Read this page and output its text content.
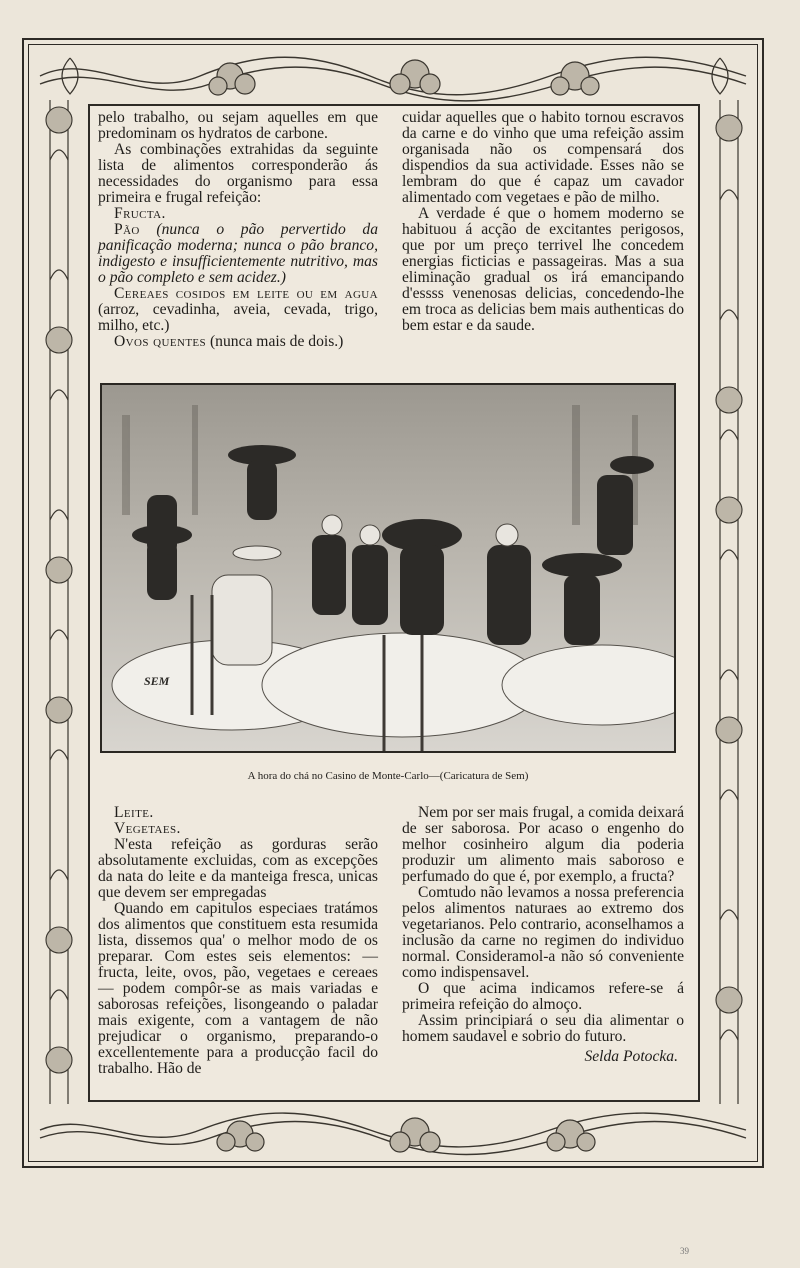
pelo trabalho, ou sejam aquelles em que predominam os hydratos de carbone.

As combinações extrahidas da seguinte lista de alimentos corresponderão ás necessidades do organismo para essa primeira e frugal refeição:

Fructa.

Pão (nunca o pão pervertido da panificação moderna; nunca o pão branco, indigesto e insufficientemente nutritivo, mas o pão completo e sem acidez.)

Cereaes cosidos em leite ou em agua (arroz, cevadinha, aveia, cevada, trigo, milho, etc.)

Ovos quentes (nunca mais de dois.)

cuidar aquelles que o habito tornou escravos da carne e do vinho que uma refeição assim organisada não os compensará dos dispendios da sua actividade. Esses não se lembram do que é capaz um cavador alimentado com vegetaes e pão de milho.

A verdade é que o homem moderno se habituou á acção de excitantes perigosos, que por um preço terrivel lhe concedem energias ficticias e passageiras. Mas a sua eliminação gradual os irá emancipando d'essss venenosas delicias, concedendo-lhe em troca as delicias bem mais authenticas do bem estar e da saude.

SEM
A hora do chá no Casino de Monte-Carlo—(Caricatura de Sem)

Leite.

Vegetaes.

N'esta refeição as gorduras serão absolutamente excluidas, com as excepções da nata do leite e da manteiga fresca, unicas que devem ser empregadas

Quando em capitulos especiaes tratámos dos alimentos que constituem esta resumida lista, dissemos qua' o melhor modo de os preparar. Com estes seis elementos: — fructa, leite, ovos, pão, vegetaes e cereaes — podem compôr-se as mais variadas e saborosas refeições, lisongeando o paladar mais exigente, com a vantagem de não prejudicar o organismo, preparando-o excellentemente para a producção facil do trabalho. Hão de

Nem por ser mais frugal, a comida deixará de ser saborosa. Por acaso o engenho do melhor cosinheiro algum dia poderia produzir um alimento mais saboroso e perfumado do que é, por exemplo, a fructa?

Comtudo não levamos a nossa preferencia pelos alimentos naturaes ao extremo dos vegetarianos. Pelo contrario, aconselhamos a inclusão da carne no regimen do individuo normal. Consideramol-a não só conveniente como indispensavel.

O que acima indicamos refere-se á primeira refeição do almoço.

Assim principiará o seu dia alimentar o homem saudavel e sobrio do futuro.

Selda Potocka.

39
